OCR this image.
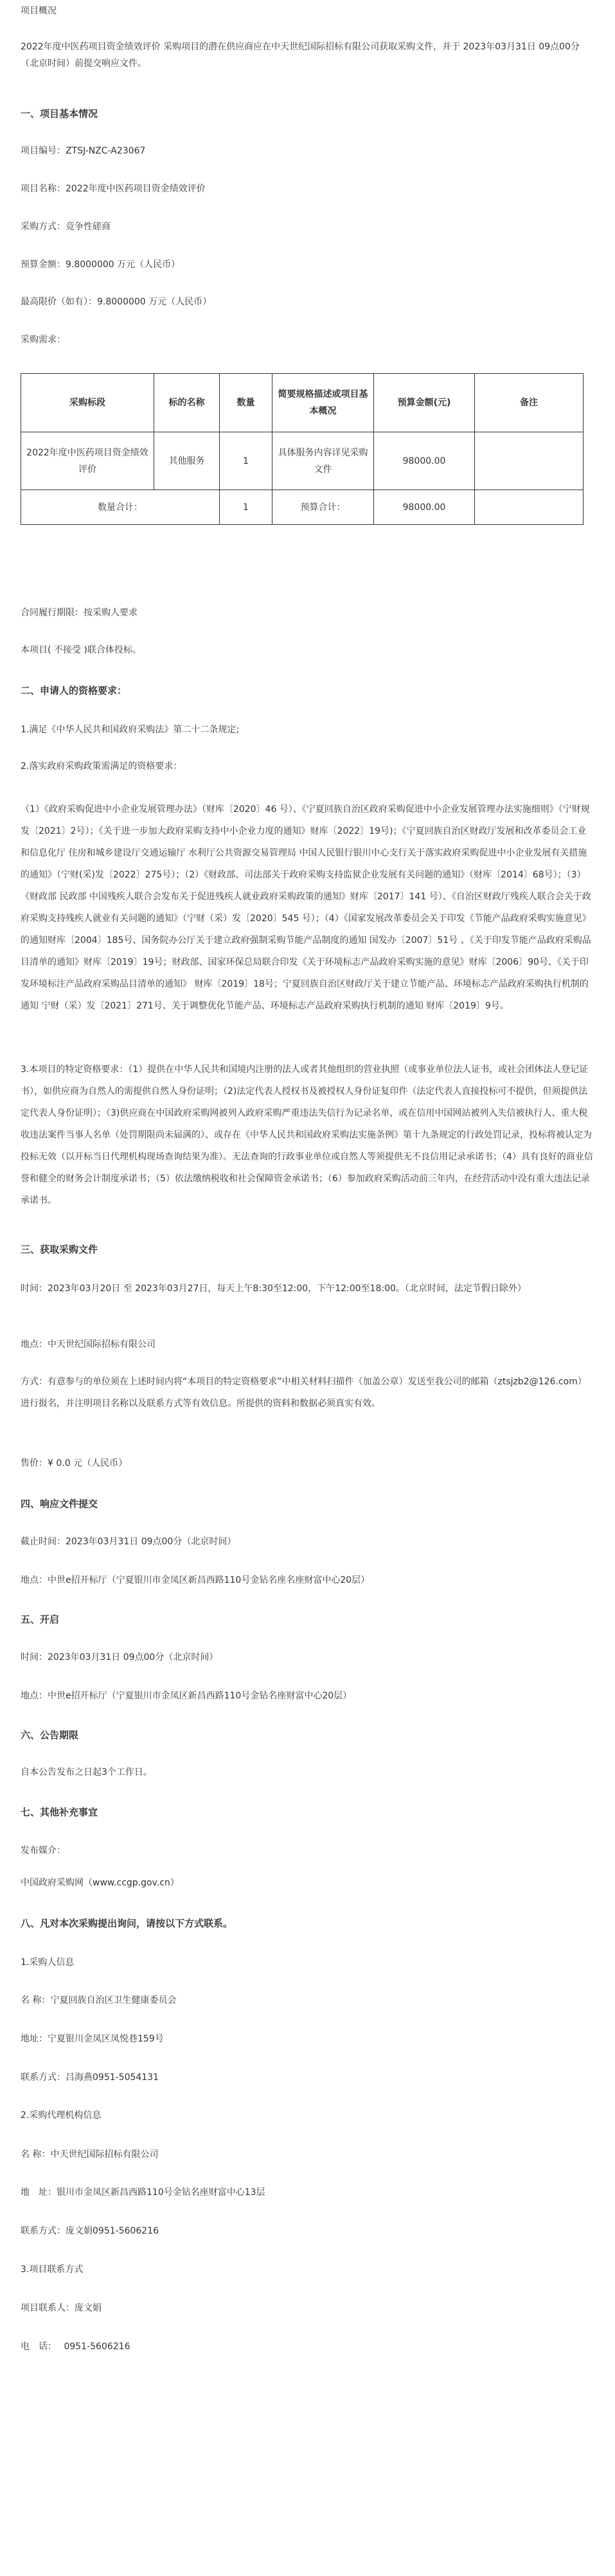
项目概况

2022年度中医药项目资金绩效评价 采购项目的潜在供应商应在中天世纪国际招标有限公司获取采购文件，并于 2023年03月31日 09点00分（北京时间）前提交响应文件。

一、项目基本情况

项目编号：ZTSJ-NZC-A23067

项目名称：2022年度中医药项目资金绩效评价

采购方式：竞争性磋商

预算金额：9.8000000 万元（人民币）

最高限价（如有）：9.8000000 万元（人民币）

采购需求：

采购标段	标的名称	数量	简要规格描述或项目基本概况	预算金额(元)	备注
2022年度中医药项目资金绩效评价	其他服务	1	具体服务内容详见采购文件	98000.00	
数量合计：		1	预算合计：	98000.00	

合同履行期限：按采购人要求

本项目( 不接受 )联合体投标。

二、申请人的资格要求：

1.满足《中华人民共和国政府采购法》第二十二条规定;

2.落实政府采购政策需满足的资格要求：

（1）《政府采购促进中小企业发展管理办法》（财库〔2020〕46 号）、《宁夏回族自治区政府采购促进中小企业发展管理办法实施细则》（宁财规发〔2021〕2号）；《关于进一步加大政府采购支持中小企业力度的通知》财库〔2022〕19号)；《宁夏回族自治区财政厅发展和改革委员会工业和信息化厅 住房和城乡建设厅交通运输厅 水利厅公共资源交易管理局 中国人民银行银川中心支行关于落实政府采购促进中小企业发展有关措施的通知》（宁财(采)发〔2022〕275号）；（2）《财政部、司法部关于政府采购支持监狱企业发展有关问题的通知》（财库〔2014〕68号）；（3）《财政部 民政部 中国残疾人联合会发布关于促进残疾人就业政府采购政策的通知》财库〔2017〕141 号）、《自治区财政厅残疾人联合会关于政府采购支持残疾人就业有关问题的通知》（宁财（采）发〔2020〕545 号）；（4）《国家发展改革委员会关于印发《节能产品政府采购实施意见》的通知财库〔2004〕185号、国务院办公厅关于建立政府强制采购节能产品制度的通知 国发办〔2007〕51号 、《关于印发节能产品政府采购品目清单的通知》财库〔2019〕19号；财政部、国家环保总局联合印发《关于环境标志产品政府采购实施的意见》财库〔2006〕90号、《关于印发环境标注产品政府采购品目清单的通知》 财库〔2019〕18号；宁夏回族自治区财政厅关于建立节能产品、环境标志产品政府采购执行机制的通知 宁财（采）发〔2021〕271号、关于调整优化节能产品、环境标志产品政府采购执行机制的通知 财库〔2019〕9号。

3.本项目的特定资格要求：（1）提供在中华人民共和国境内注册的法人或者其他组织的营业执照（或事业单位法人证书，或社会团体法人登记证书），如供应商为自然人的需提供自然人身份证明；（2)法定代表人授权书及被授权人身份证复印件（法定代表人直接投标可不提供，但须提供法定代表人身份证明）；（3)供应商在中国政府采购网被列入政府采购严重违法失信行为记录名单，或在信用中国网站被列入失信被执行人、重大税收违法案件当事人名单（处罚期限尚未届满的）、或存在《中华人民共和国政府采购法实施条例》第十九条规定的行政处罚记录，投标将被认定为投标无效（以开标当日代理机构现场查询结果为准）。无法查询的行政事业单位或自然人等须提供无不良信用记录承诺书；（4）具有良好的商业信誉和健全的财务会计制度承诺书；（5）依法缴纳税收和社会保障资金承诺书；（6）参加政府采购活动前三年内，在经营活动中没有重大违法记录承诺书。

三、获取采购文件

时间：2023年03月20日 至 2023年03月27日，每天上午8:30至12:00，下午12:00至18:00。（北京时间，法定节假日除外）

地点：中天世纪国际招标有限公司

方式：有意参与的单位须在上述时间内将“本项目的特定资格要求”中相关材料扫描件（加盖公章）发送至我公司的邮箱（ztsjzb2@126.com）进行报名，并注明项目名称以及联系方式等有效信息。所提供的资料和数据必须真实有效。

售价：¥ 0.0 元（人民币）

四、响应文件提交

截止时间：2023年03月31日 09点00分（北京时间）

地点：中世e招开标厅（宁夏银川市金凤区新昌西路110号金钻名座名座财富中心20层）

五、开启

时间：2023年03月31日 09点00分（北京时间）

地点：中世e招开标厅（宁夏银川市金凤区新昌西路110号金钻名座财富中心20层）

六、公告期限

自本公告发布之日起3个工作日。

七、其他补充事宜

发布媒介：

中国政府采购网（www.ccgp.gov.cn）

八、凡对本次采购提出询问，请按以下方式联系。

1.采购人信息

名 称：宁夏回族自治区卫生健康委员会

地址：宁夏银川金凤区凤悦巷159号

联系方式：吕海燕0951-5054131

2.采购代理机构信息

名 称：中天世纪国际招标有限公司

地　址：银川市金凤区新昌西路110号金钻名座财富中心13层

联系方式：庞文娟0951-5606216

3.项目联系方式

项目联系人：庞文娟

电　话：　 0951-5606216
